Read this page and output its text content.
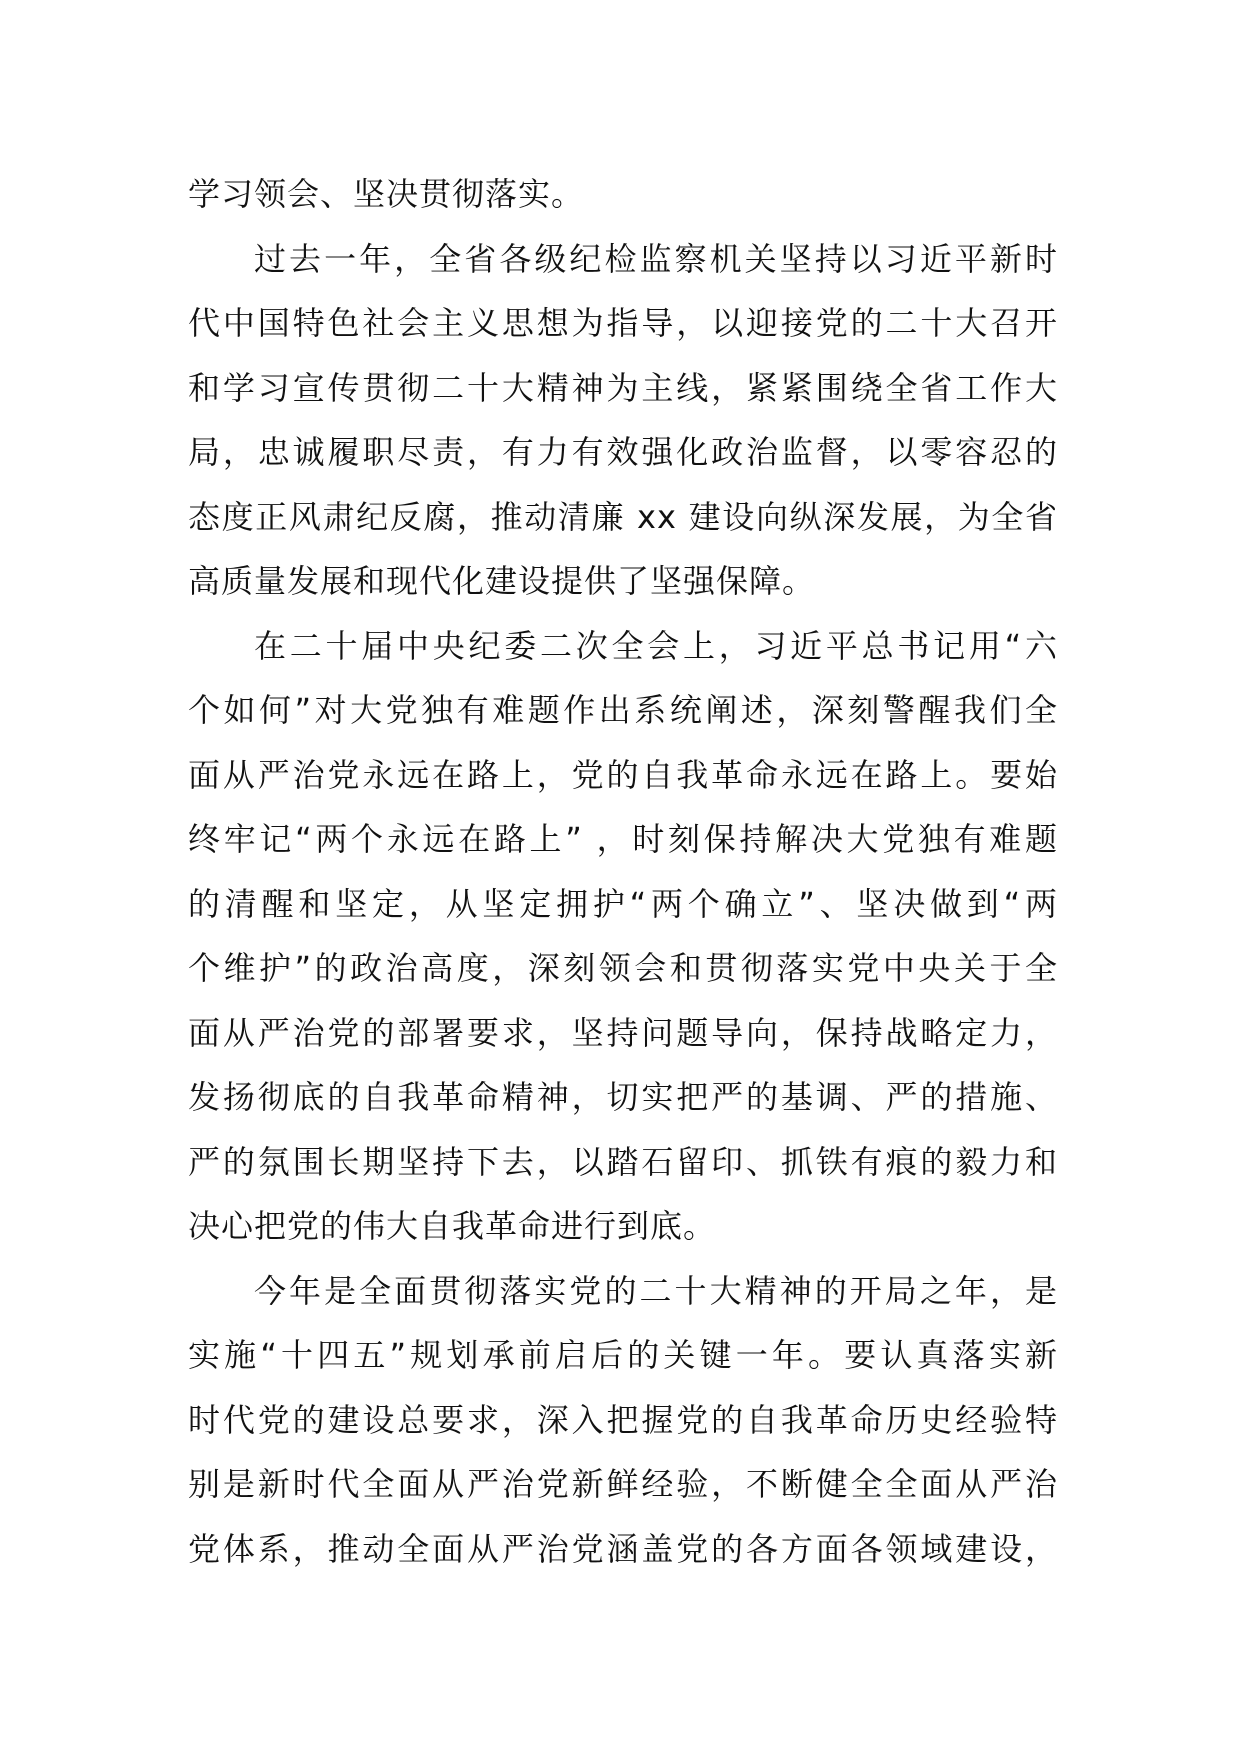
学习领会、坚决贯彻落实。
过去一年，全省各级纪检监察机关坚持以习近平新时
代中国特色社会主义思想为指导，以迎接党的二十大召开
和学习宣传贯彻二十大精神为主线，紧紧围绕全省工作大
局，忠诚履职尽责，有力有效强化政治监督，以零容忍的
态度正风肃纪反腐，推动清廉 xx 建设向纵深发展，为全省
高质量发展和现代化建设提供了坚强保障。
在二十届中央纪委二次全会上，习近平总书记用“六
个如何”对大党独有难题作出系统阐述，深刻警醒我们全
面从严治党永远在路上，党的自我革命永远在路上。要始
终牢记“两个永远在路上” ，时刻保持解决大党独有难题
的清醒和坚定，从坚定拥护“两个确立”、坚决做到“两
个维护”的政治高度，深刻领会和贯彻落实党中央关于全
面从严治党的部署要求，坚持问题导向，保持战略定力，
发扬彻底的自我革命精神，切实把严的基调、严的措施、
严的氛围长期坚持下去，以踏石留印、抓铁有痕的毅力和
决心把党的伟大自我革命进行到底。
今年是全面贯彻落实党的二十大精神的开局之年，是
实施“十四五”规划承前启后的关键一年。要认真落实新
时代党的建设总要求，深入把握党的自我革命历史经验特
别是新时代全面从严治党新鲜经验，不断健全全面从严治
党体系，推动全面从严治党涵盖党的各方面各领域建设，
